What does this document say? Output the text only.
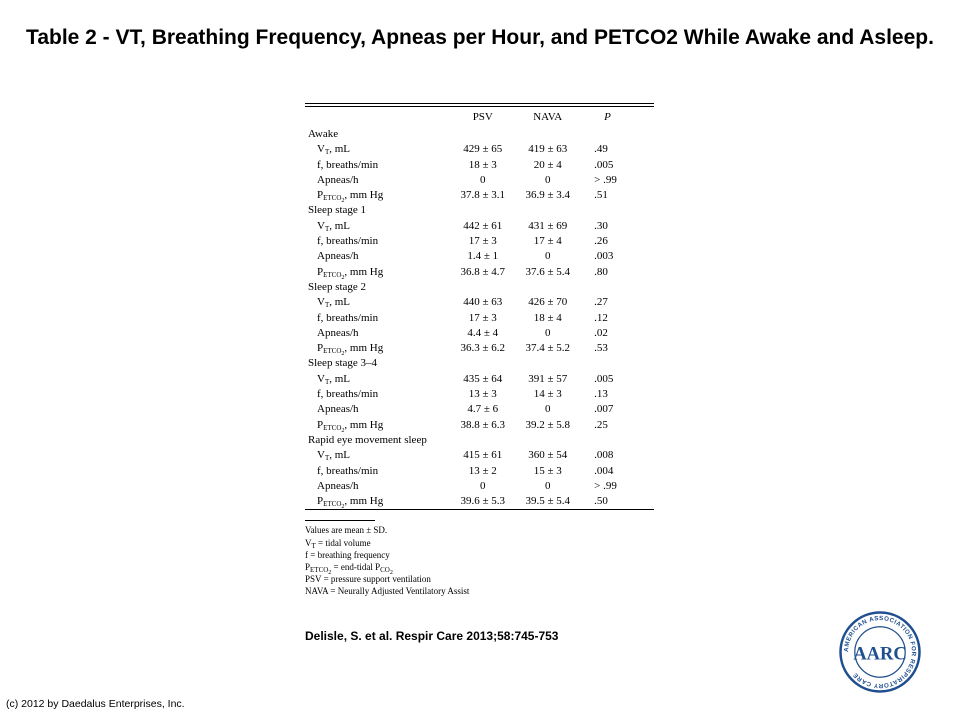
Table 2 - VT, Breathing Frequency, Apneas per Hour, and PETCO2 While Awake and Asleep.
	PSV	NAVA	P
Awake			
$V_T$, mL	429 ± 65	419 ± 63	.49
f, breaths/min	18 ± 3	20 ± 4	.005
Apneas/h	0	0	> .99
$P_{ETCO_2}$, mm Hg	37.8 ± 3.1	36.9 ± 3.4	.51
Sleep stage 1			
$V_T$, mL	442 ± 61	431 ± 69	.30
f, breaths/min	17 ± 3	17 ± 4	.26
Apneas/h	1.4 ± 1	0	.003
$P_{ETCO_2}$, mm Hg	36.8 ± 4.7	37.6 ± 5.4	.80
Sleep stage 2			
$V_T$, mL	440 ± 63	426 ± 70	.27
f, breaths/min	17 ± 3	18 ± 4	.12
Apneas/h	4.4 ± 4	0	.02
$P_{ETCO_2}$, mm Hg	36.3 ± 6.2	37.4 ± 5.2	.53
Sleep stage 3–4			
$V_T$, mL	435 ± 64	391 ± 57	.005
f, breaths/min	13 ± 3	14 ± 3	.13
Apneas/h	4.7 ± 6	0	.007
$P_{ETCO_2}$, mm Hg	38.8 ± 6.3	39.2 ± 5.8	.25
Rapid eye movement sleep			
$V_T$, mL	415 ± 61	360 ± 54	.008
f, breaths/min	13 ± 2	15 ± 3	.004
Apneas/h	0	0	> .99
$P_{ETCO_2}$, mm Hg	39.6 ± 5.3	39.5 ± 5.4	.50
Values are mean ± SD.
$V_T$ = tidal volume
f = breathing frequency
$P_{ETCO_2}$ = end-tidal $P_{CO_2}$
PSV = pressure support ventilation
NAVA = Neurally Adjusted Ventilatory Assist
Delisle, S. et al. Respir Care 2013;58:745-753
(c) 2012 by Daedalus Enterprises, Inc.
AMERICAN ASSOCIATION FOR RESPIRATORY CARE
AARC
